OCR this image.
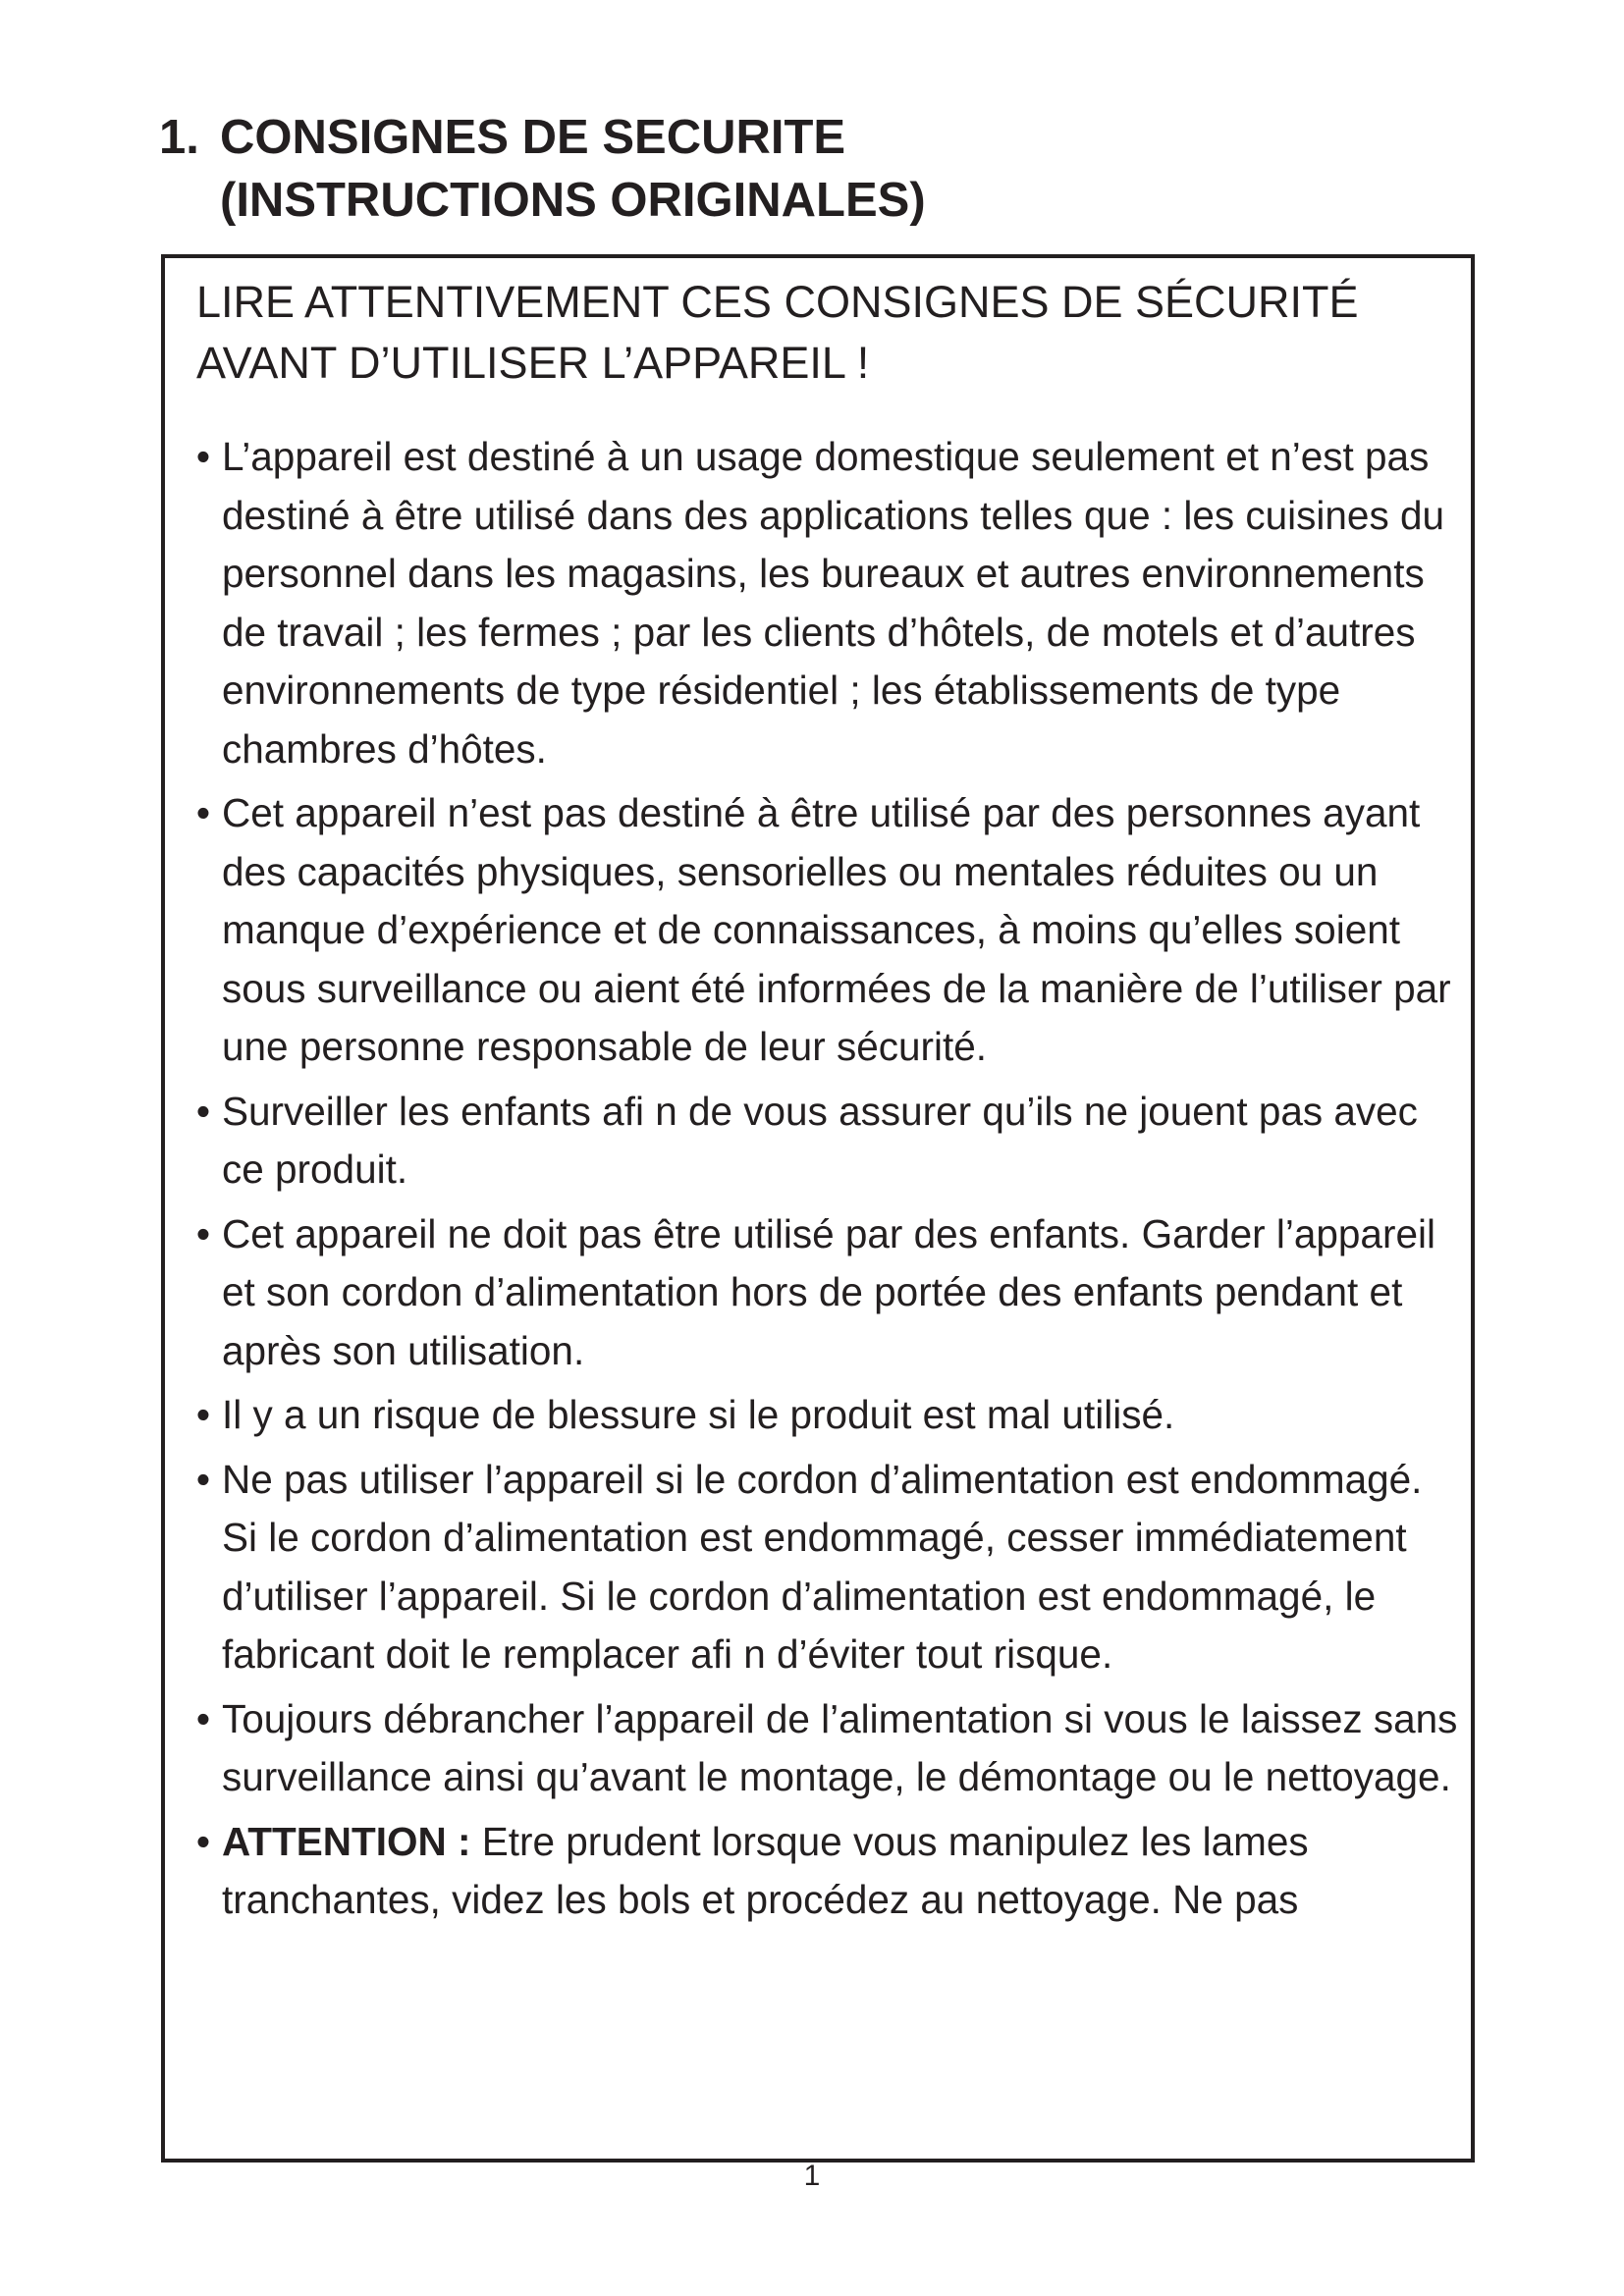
1. CONSIGNES DE SECURITE
(INSTRUCTIONS ORIGINALES)
LIRE ATTENTIVEMENT CES CONSIGNES DE SÉCURITÉ
AVANT D’UTILISER L’APPAREIL !
• L’appareil est destiné à un usage domestique seulement et n’est pas destiné à être utilisé dans des applications telles que : les cuisines du personnel dans les magasins, les bureaux et autres environnements de travail ; les fermes ; par les clients d’hôtels, de motels et d’autres environnements de type résidentiel ; les établissements de type chambres d’hôtes.
• Cet appareil n’est pas destiné à être utilisé par des personnes ayant des capacités physiques, sensorielles ou mentales réduites ou un manque d’expérience et de connaissances, à moins qu’elles soient sous surveillance ou aient été informées de la manière de l’utiliser par une personne responsable de leur sécurité.
• Surveiller les enfants afi n de vous assurer qu’ils ne jouent pas avec ce produit.
• Cet appareil ne doit pas être utilisé par des enfants. Garder l’appareil et son cordon d’alimentation hors de portée des enfants pendant et après son utilisation.
• Il y a un risque de blessure si le produit est mal utilisé.
• Ne pas utiliser l’appareil si le cordon d’alimentation est endommagé. Si le cordon d’alimentation est endommagé, cesser immédiatement d’utiliser l’appareil. Si le cordon d’alimentation est endommagé, le fabricant doit le remplacer afi n d’éviter tout risque.
• Toujours débrancher l’appareil de l’alimentation si vous le laissez sans surveillance ainsi qu’avant le montage, le démontage ou le nettoyage.
• ATTENTION : Etre prudent lorsque vous manipulez les lames tranchantes, videz les bols et procédez au nettoyage. Ne pas
1
